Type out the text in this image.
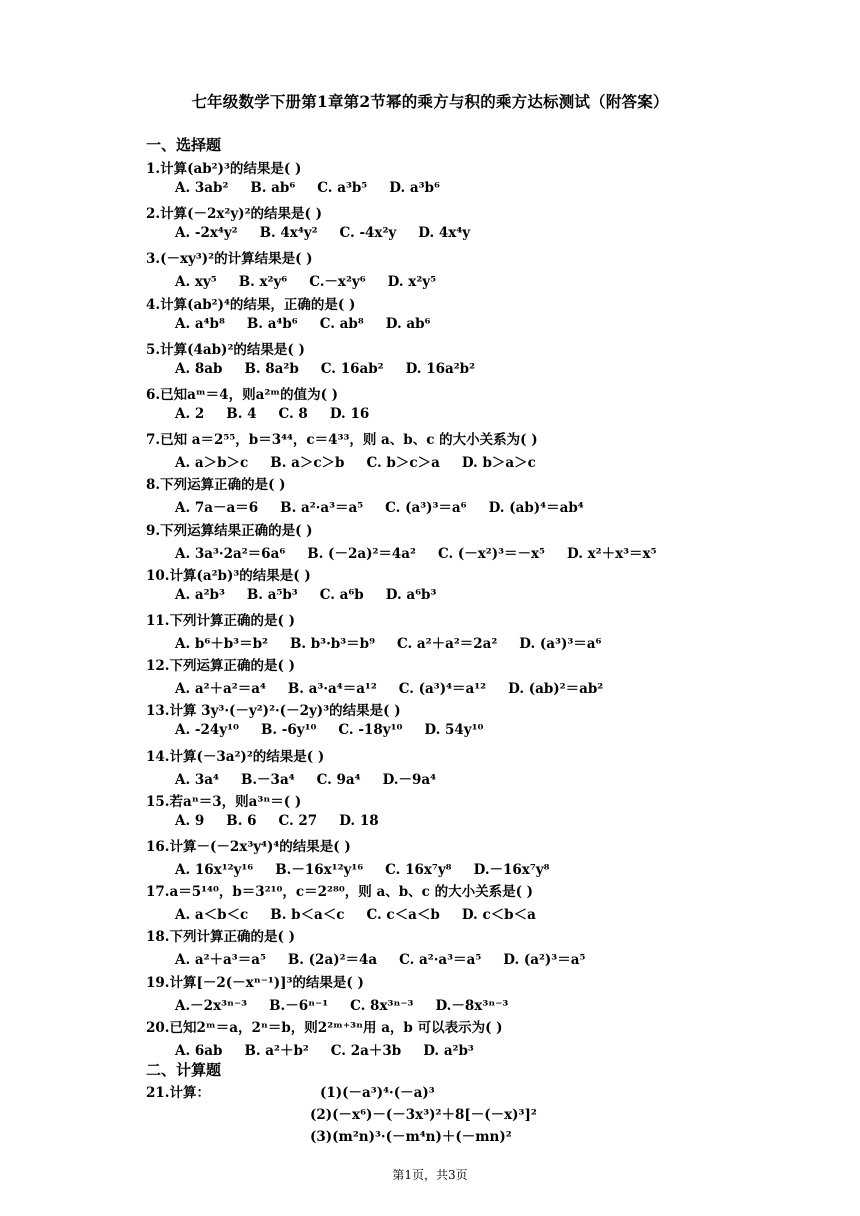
七年级数学下册第1章第2节幂的乘方与积的乘方达标测试（附答案）
一、选择题
1.计算(ab²)³的结果是( )
A. 3ab² B. ab⁶ C. a³b⁵ D. a³b⁶
2.计算(－2x²y)²的结果是( )
A. -2x⁴y² B. 4x⁴y² C. -4x²y D. 4x⁴y
3.(－xy³)²的计算结果是( )
A. xy⁵ B. x²y⁶ C.－x²y⁶ D. x²y⁵
4.计算(ab²)⁴的结果，正确的是( )
A. a⁴b⁸ B. a⁴b⁶ C. ab⁸ D. ab⁶
5.计算(4ab)²的结果是( )
A. 8ab B. 8a²b C. 16ab² D. 16a²b²
6.已知aᵐ＝4，则a²ᵐ的值为( )
A. 2 B. 4 C. 8 D. 16
7.已知 a＝2⁵⁵，b＝3⁴⁴，c＝4³³，则 a、b、c 的大小关系为( )
A. a＞b＞c B. a＞c＞b C. b＞c＞a D. b＞a＞c
8.下列运算正确的是( )
A. 7a－a＝6 B. a²·a³＝a⁵ C. (a³)³＝a⁶ D. (ab)⁴＝ab⁴
9.下列运算结果正确的是( )
A. 3a³·2a²＝6a⁶ B. (－2a)²＝4a² C. (－x²)³＝－x⁵ D. x²＋x³＝x⁵
10.计算(a²b)³的结果是( )
A. a²b³ B. a⁵b³ C. a⁶b D. a⁶b³
11.下列计算正确的是( )
A. b⁶＋b³＝b² B. b³·b³＝b⁹ C. a²＋a²＝2a² D. (a³)³＝a⁶
12.下列运算正确的是( )
A. a²＋a²＝a⁴ B. a³·a⁴＝a¹² C. (a³)⁴＝a¹² D. (ab)²＝ab²
13.计算 3y³·(－y²)²·(－2y)³的结果是( )
A. -24y¹⁰ B. -6y¹⁰ C. -18y¹⁰ D. 54y¹⁰
14.计算(－3a²)²的结果是( )
A. 3a⁴ B.－3a⁴ C. 9a⁴ D.－9a⁴
15.若aⁿ＝3，则a³ⁿ＝( )
A. 9 B. 6 C. 27 D. 18
16.计算－(－2x³y⁴)⁴的结果是( )
A. 16x¹²y¹⁶ B.－16x¹²y¹⁶ C. 16x⁷y⁸ D.－16x⁷y⁸
17.a＝5¹⁴⁰，b＝3²¹⁰，c＝2²⁸⁰，则 a、b、c 的大小关系是( )
A. a＜b＜c B. b＜a＜c C. c＜a＜b D. c＜b＜a
18.下列计算正确的是( )
A. a²＋a³＝a⁵ B. (2a)²＝4a C. a²·a³＝a⁵ D. (a²)³＝a⁵
19.计算[－2(－xⁿ⁻¹)]³的结果是( )
A.－2x³ⁿ⁻³ B.－6ⁿ⁻¹ C. 8x³ⁿ⁻³ D.－8x³ⁿ⁻³
20.已知2ᵐ＝a，2ⁿ＝b，则2²ᵐ⁺³ⁿ用 a，b 可以表示为( )
A. 6ab B. a²＋b² C. 2a＋3b D. a²b³
二、计算题
21.计算：	(1)(－a³)⁴·(－a)³
(2)(－x⁶)－(－3x³)²＋8[－(－x)³]²
(3)(m²n)³·(－m⁴n)＋(－mn)²
第1页，共3页
